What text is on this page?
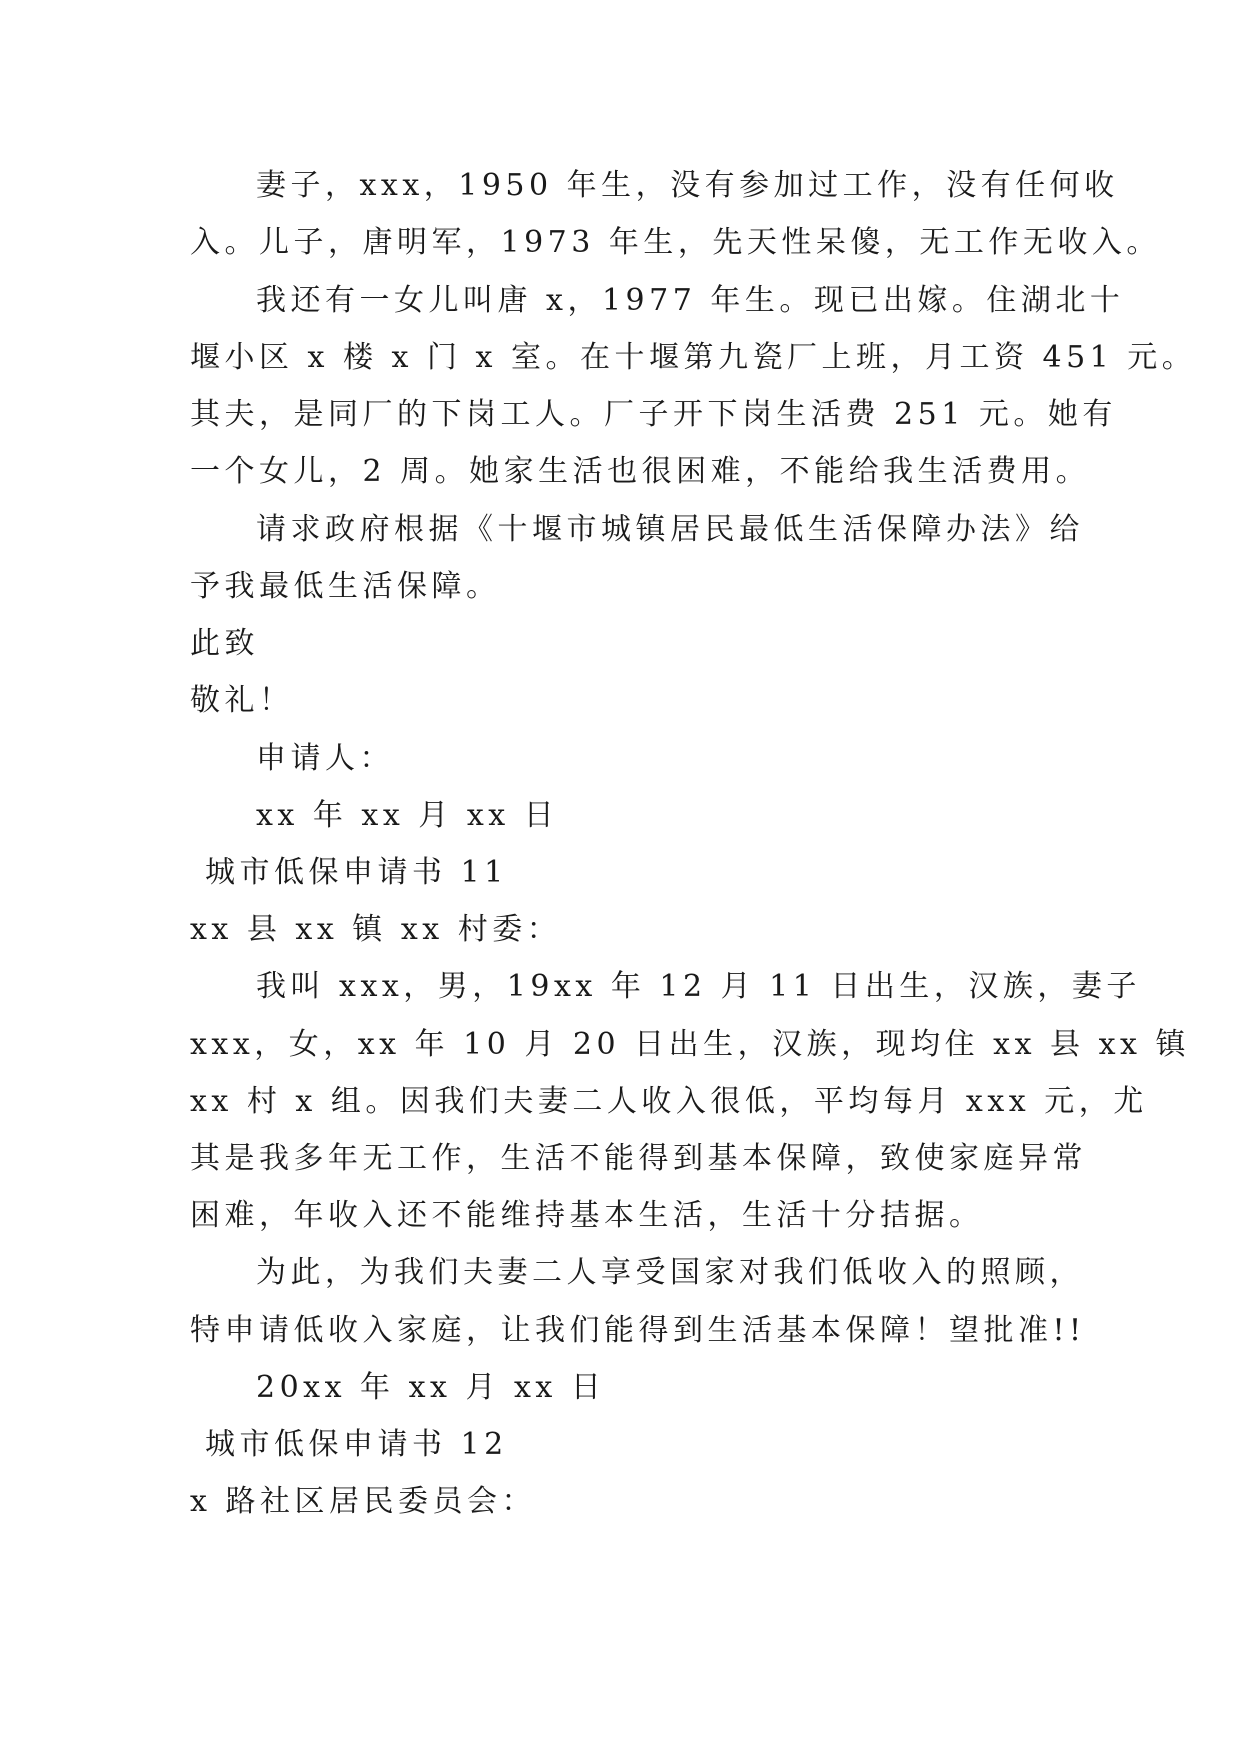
妻子，xxx，1950 年生，没有参加过工作，没有任何收
入。儿子，唐明军，1973 年生，先天性呆傻，无工作无收入。
我还有一女儿叫唐 x，1977 年生。现已出嫁。住湖北十
堰小区 x 楼 x 门 x 室。在十堰第九瓷厂上班，月工资 451 元。
其夫，是同厂的下岗工人。厂子开下岗生活费 251 元。她有
一个女儿，2 周。她家生活也很困难，不能给我生活费用。
请求政府根据《十堰市城镇居民最低生活保障办法》给
予我最低生活保障。
此致
敬礼！
申请人：
xx 年 xx 月 xx 日
城市低保申请书 11
xx 县 xx 镇 xx 村委：
我叫 xxx，男，19xx 年 12 月 11 日出生，汉族，妻子
xxx，女，xx 年 10 月 20 日出生，汉族，现均住 xx 县 xx 镇
xx 村 x 组。因我们夫妻二人收入很低，平均每月 xxx 元，尤
其是我多年无工作，生活不能得到基本保障，致使家庭异常
困难，年收入还不能维持基本生活，生活十分拮据。
为此，为我们夫妻二人享受国家对我们低收入的照顾，
特申请低收入家庭，让我们能得到生活基本保障！望批准!!
20xx 年 xx 月 xx 日
城市低保申请书 12
x 路社区居民委员会：
